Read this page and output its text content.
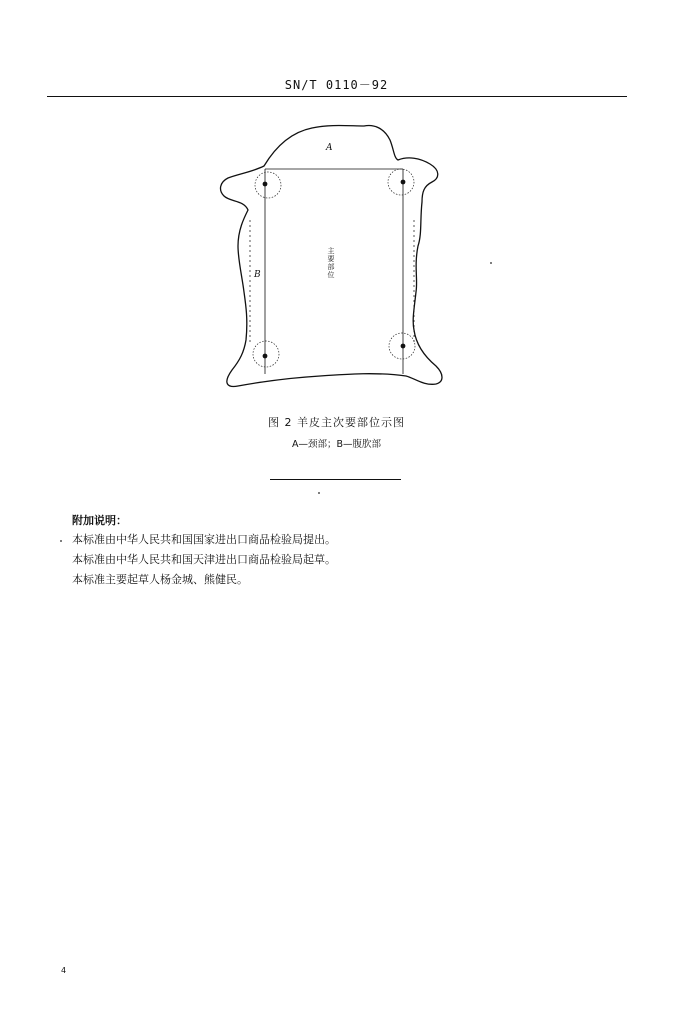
SN/T 0110－92
A
B	主要部位
图 2 羊皮主次要部位示图
A—颈部；B—腹肷部
附加说明：
本标准由中华人民共和国国家进出口商品检验局提出。
本标准由中华人民共和国天津进出口商品检验局起草。
本标准主要起草人杨金城、熊健民。
4
